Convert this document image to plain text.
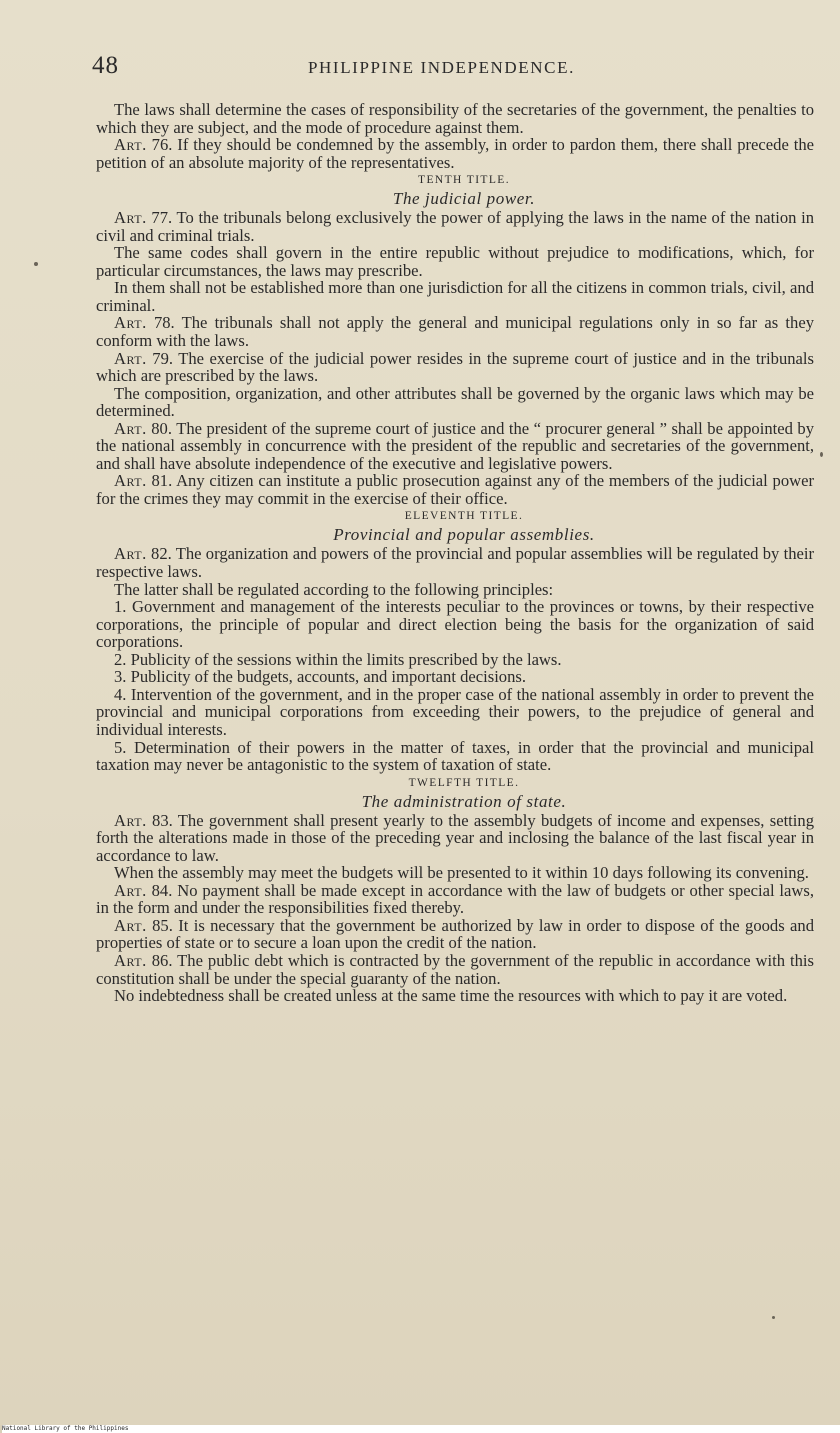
48	PHILIPPINE INDEPENDENCE.

The laws shall determine the cases of responsibility of the secretaries of the government, the penalties to which they are subject, and the mode of procedure against them.

Art. 76. If they should be condemned by the assembly, in order to pardon them, there shall precede the petition of an absolute majority of the representatives.

TENTH TITLE.

The judicial power.

Art. 77. To the tribunals belong exclusively the power of applying the laws in the name of the nation in civil and criminal trials.

The same codes shall govern in the entire republic without prejudice to modifications, which, for particular circumstances, the laws may prescribe.

In them shall not be established more than one jurisdiction for all the citizens in common trials, civil, and criminal.

Art. 78. The tribunals shall not apply the general and municipal regulations only in so far as they conform with the laws.

Art. 79. The exercise of the judicial power resides in the supreme court of justice and in the tribunals which are prescribed by the laws.

The composition, organization, and other attributes shall be governed by the organic laws which may be determined.

Art. 80. The president of the supreme court of justice and the “ procurer general ” shall be appointed by the national assembly in concurrence with the president of the republic and secretaries of the government, and shall have absolute independence of the executive and legislative powers.

Art. 81. Any citizen can institute a public prosecution against any of the members of the judicial power for the crimes they may commit in the exercise of their office.

ELEVENTH TITLE.

Provincial and popular assemblies.

Art. 82. The organization and powers of the provincial and popular assemblies will be regulated by their respective laws.

The latter shall be regulated according to the following principles:

1. Government and management of the interests peculiar to the provinces or towns, by their respective corporations, the principle of popular and direct election being the basis for the organization of said corporations.

2. Publicity of the sessions within the limits prescribed by the laws.

3. Publicity of the budgets, accounts, and important decisions.

4. Intervention of the government, and in the proper case of the national assembly in order to prevent the provincial and municipal corporations from exceeding their powers, to the prejudice of general and individual interests.

5. Determination of their powers in the matter of taxes, in order that the provincial and municipal taxation may never be antagonistic to the system of taxation of state.

TWELFTH TITLE.

The administration of state.

Art. 83. The government shall present yearly to the assembly budgets of income and expenses, setting forth the alterations made in those of the preceding year and inclosing the balance of the last fiscal year in accordance to law.

When the assembly may meet the budgets will be presented to it within 10 days following its convening.

Art. 84. No payment shall be made except in accordance with the law of budgets or other special laws, in the form and under the responsibilities fixed thereby.

Art. 85. It is necessary that the government be authorized by law in order to dispose of the goods and properties of state or to secure a loan upon the credit of the nation.

Art. 86. The public debt which is contracted by the government of the republic in accordance with this constitution shall be under the special guaranty of the nation.

No indebtedness shall be created unless at the same time the resources with which to pay it are voted.

National Library of the Philippines
